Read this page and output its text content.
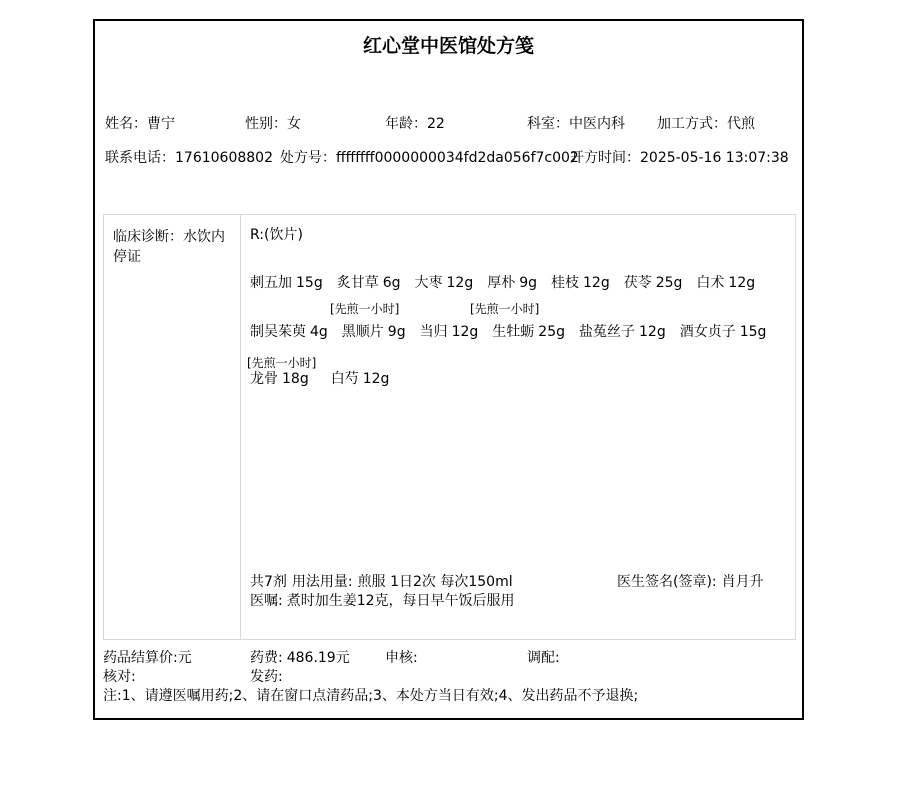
红心堂中医馆处方笺
姓名： 曹宁	性别： 女	年龄： 22	科室： 中医内科 加工方式： 代煎
联系电话： 17610608802 处方号： ffffffff0000000034fd2da056f7c002
开方时间： 2025-05-16 13:07:38
临床诊断：水饮内停证
R:(饮片)
刺五加 15g 炙甘草 6g 大枣 12g 厚朴 9g 桂枝 12g 茯苓 25g 白术 12g
[先煎一小时]	[先煎一小时]
制吴茱萸 4g 黑顺片 9g 当归 12g 生牡蛎 25g 盐菟丝子 12g 酒女贞子 15g
[先煎一小时]
龙骨 18g 白芍 12g
共7剂 用法用量: 煎服 1日2次 每次150ml	医生签名(签章): 肖月升
医嘱: 煮时加生姜12克，每日早午饭后服用
药品结算价: 元	药费: 486.19元	申核:	调配:
核对:	发药:
注:1、请遵医嘱用药;2、请在窗口点清药品;3、本处方当日有效;4、发出药品不予退换;
